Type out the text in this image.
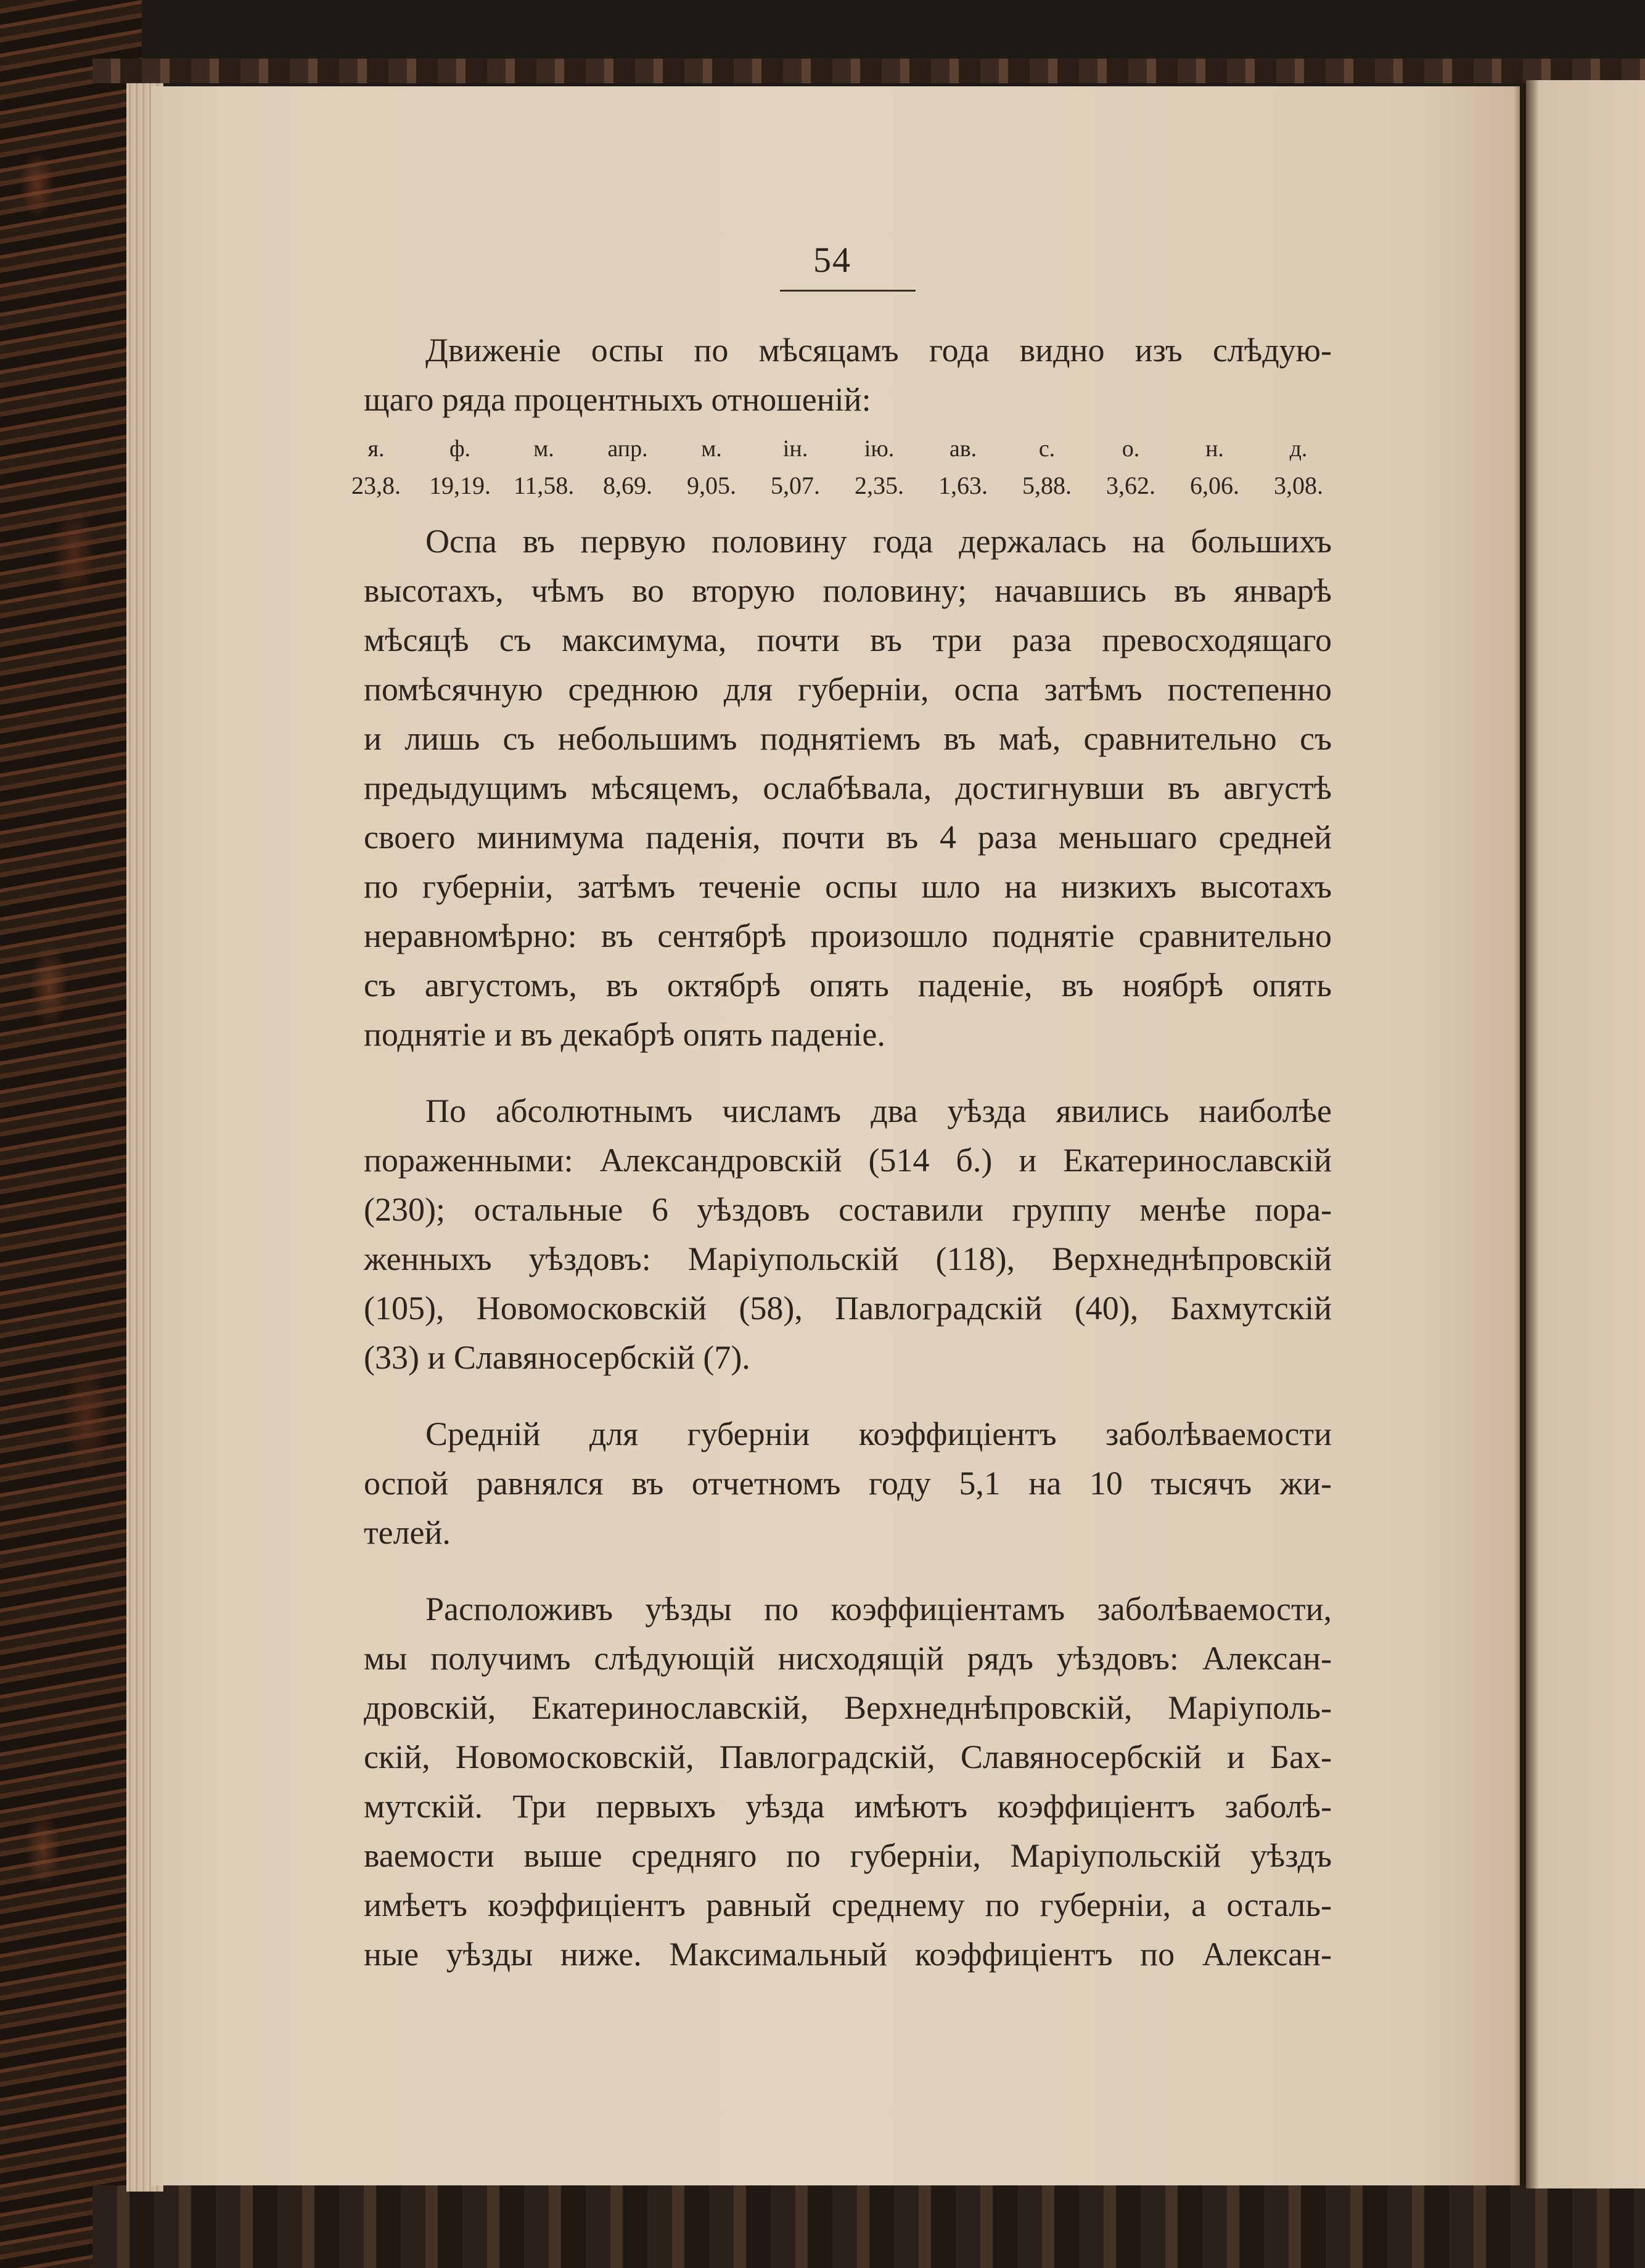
54
Движеніе оспы по мѣсяцамъ года видно изъ слѣдую-
щаго ряда процентныхъ отношеній:
я.	ф.	м.	апр.	м.	ін.	ію.	ав.	с.	о.	н.	д.
23,8.	19,19. 11,58.	8,69.	9,05.	5,07.	2,35.	1,63.	5,88.	3,62.	6,06.	3,08.
Оспа въ первую половину года держалась на большихъ
высотахъ, чѣмъ во вторую половину; начавшись въ январѣ
мѣсяцѣ съ максимума, почти въ три раза превосходящаго
помѣсячную среднюю для губерніи, оспа затѣмъ постепенно
и лишь съ небольшимъ поднятіемъ въ маѣ, сравнительно съ
предыдущимъ мѣсяцемъ, ослабѣвала, достигнувши въ августѣ
своего минимума паденія, почти въ 4 раза меньшаго средней
по губерніи, затѣмъ теченіе оспы шло на низкихъ высотахъ
неравномѣрно: въ сентябрѣ произошло поднятіе сравнительно
съ августомъ, въ октябрѣ опять паденіе, въ ноябрѣ опять
поднятіе и въ декабрѣ опять паденіе.
По абсолютнымъ числамъ два уѣзда явились наиболѣе
пораженными: Александровскій (514 б.) и Екатеринославскій
(230); остальные 6 уѣздовъ составили группу менѣе пора-
женныхъ уѣздовъ: Маріупольскій (118), Верхнеднѣпровскій
(105), Новомосковскій (58), Павлоградскій (40), Бахмутскій
(33) и Славяносербскій (7).
Средній для губерніи коэффиціентъ заболѣваемости
оспой равнялся въ отчетномъ году 5,1 на 10 тысячъ жи-
телей.
Расположивъ уѣзды по коэффиціентамъ заболѣваемости,
мы получимъ слѣдующій нисходящій рядъ уѣздовъ: Алексан-
дровскій, Екатеринославскій, Верхнеднѣпровскій, Маріуполь-
скій, Новомосковскій, Павлоградскій, Славяносербскій и Бах-
мутскій. Три первыхъ уѣзда имѣютъ коэффиціентъ заболѣ-
ваемости выше средняго по губерніи, Маріупольскій уѣздъ
имѣетъ коэффиціентъ равный среднему по губерніи, а осталь-
ные уѣзды ниже. Максимальный коэффиціентъ по Алексан-
